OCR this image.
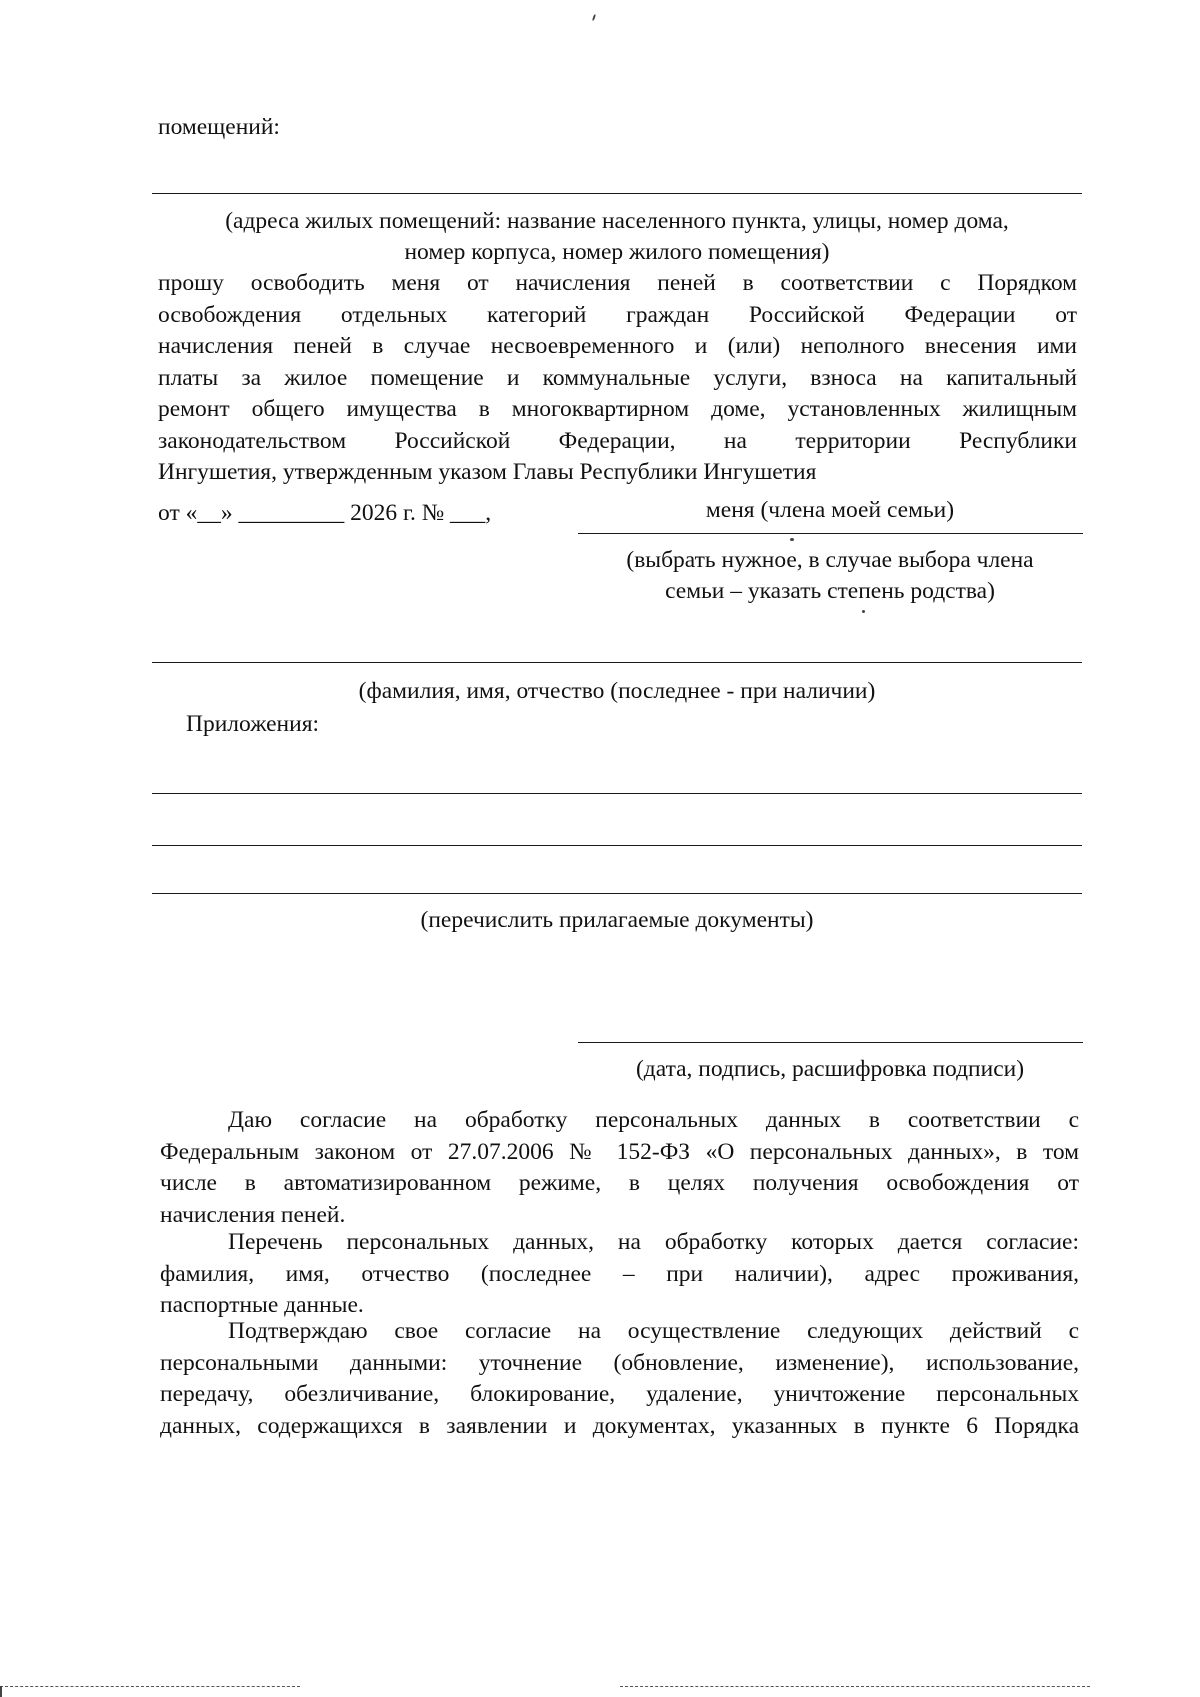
помещений:
(адреса жилых помещений: название населенного пункта, улицы, номер дома,
номер корпуса, номер жилого помещения)
прошу освободить меня от начисления пеней в соответствии с Порядком
освобождения отдельных категорий граждан Российской Федерации от
начисления пеней в случае несвоевременного и (или) неполного внесения ими
платы за жилое помещение и коммунальные услуги, взноса на капитальный
ремонт общего имущества в многоквартирном доме, установленных жилищным
законодательством Российской Федерации, на территории Республики
Ингушетия, утвержденным указом Главы Республики Ингушетия
от «__» _________ 2026 г. № ___,	меня (члена моей семьи)
(выбрать нужное, в случае выбора члена
семьи – указать степень родства)
(фамилия, имя, отчество (последнее - при наличии)
Приложения:
(перечислить прилагаемые документы)
(дата, подпись, расшифровка подписи)
Даю согласие на обработку персональных данных в соответствии с
Федеральным законом от 27.07.2006 № 152-ФЗ «О персональных данных», в том
числе в автоматизированном режиме, в целях получения освобождения от
начисления пеней.
Перечень персональных данных, на обработку которых дается согласие:
фамилия, имя, отчество (последнее – при наличии), адрес проживания,
паспортные данные.
Подтверждаю свое согласие на осуществление следующих действий с
персональными данными: уточнение (обновление, изменение), использование,
передачу, обезличивание, блокирование, удаление, уничтожение персональных
данных, содержащихся в заявлении и документах, указанных в пункте 6 Порядка
